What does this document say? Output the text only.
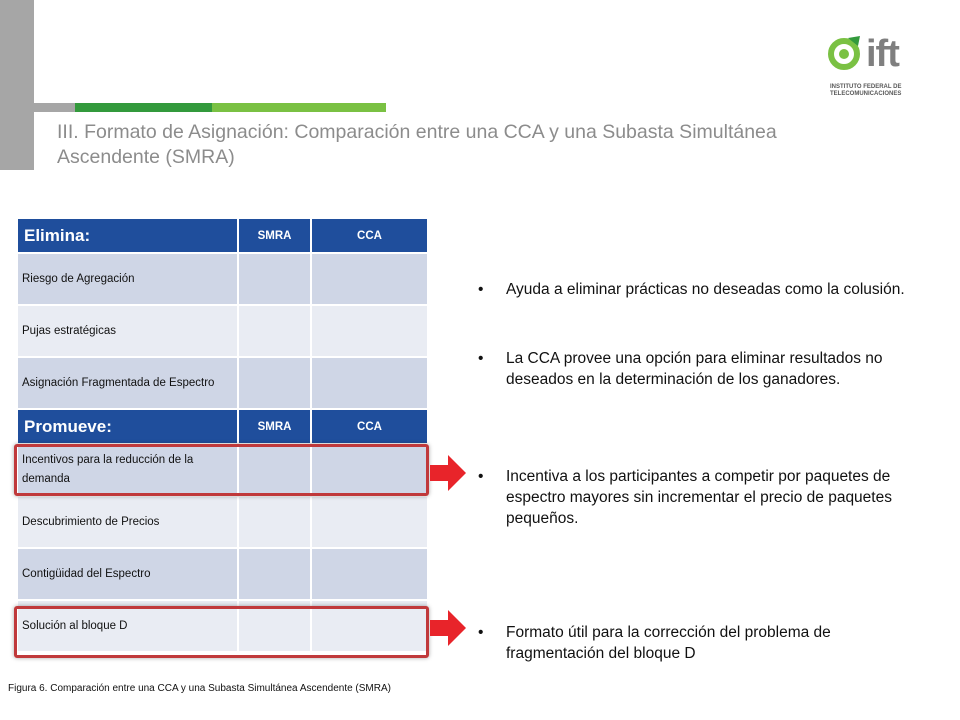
ift
INSTITUTO FEDERAL DE
TELECOMUNICACIONES
III. Formato de Asignación: Comparación entre una CCA y una Subasta Simultánea Ascendente (SMRA)
Elimina:	SMRA	CCA
Riesgo de Agregación		
Pujas estratégicas		
Asignación Fragmentada de Espectro		
Promueve:	SMRA	CCA
Incentivos para la reducción de la demanda		
Descubrimiento de Precios		
Contigüidad del Espectro		
Solución al bloque D		
• Ayuda a eliminar prácticas no deseadas como la colusión.
• La CCA provee una opción para eliminar resultados no deseados en la determinación de los ganadores.
• Incentiva a los participantes a competir por paquetes de espectro mayores sin incrementar el precio de paquetes pequeños.
• Formato útil para la corrección del problema de fragmentación del bloque D
Figura 6. Comparación entre una CCA y una Subasta Simultánea Ascendente (SMRA)
